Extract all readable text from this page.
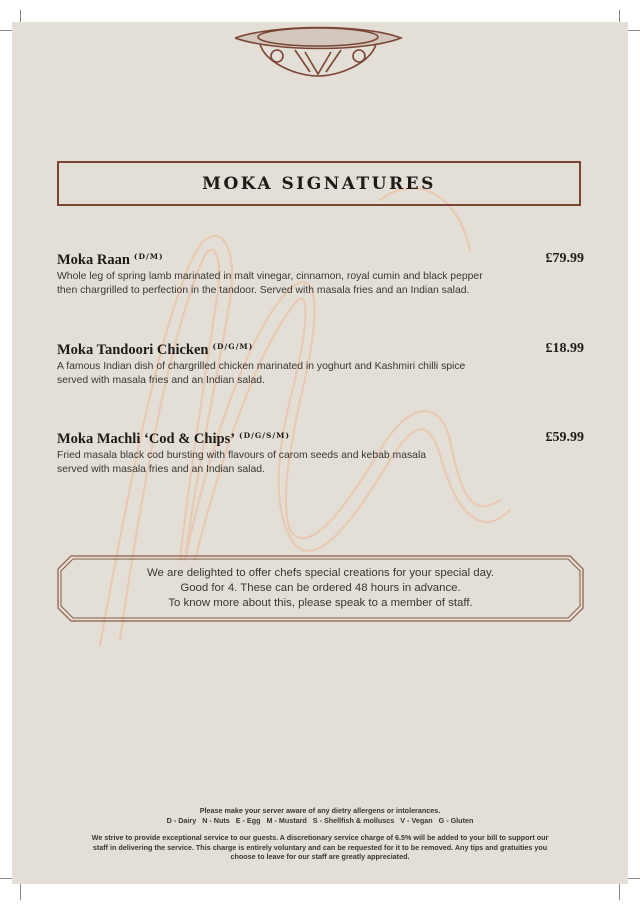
MOKA SIGNATURES
Moka Raan $^{(D/M)}$	£79.99
Whole leg of spring lamb marinated in malt vinegar, cinnamon, royal cumin and black pepper
then chargrilled to perfection in the tandoor. Served with masala fries and an Indian salad.
Moka Tandoori Chicken $^{(D/G/M)}$	£18.99
A famous Indian dish of chargrilled chicken marinated in yoghurt and Kashmiri chilli spice
served with masala fries and an Indian salad.
Moka Machli ‘Cod & Chips’ $^{(D/G/S/M)}$	£59.99
Fried masala black cod bursting with flavours of carom seeds and kebab masala
served with masala fries and an Indian salad.
We are delighted to offer chefs special creations for your special day.
Good for 4. These can be ordered 48 hours in advance.
To know more about this, please speak to a member of staff.
Please make your server aware of any dietry allergens or intolerances.
D - Dairy   N - Nuts   E - Egg   M - Mustard   S - Shellfish & molluscs   V - Vegan   G - Gluten
We strive to provide exceptional service to our guests. A discretionary service charge of 6.5% will be added to your bill to support our
staff in delivering the service. This charge is entirely voluntary and can be requested for it to be removed. Any tips and gratuities you
choose to leave for our staff are greatly appreciated.
